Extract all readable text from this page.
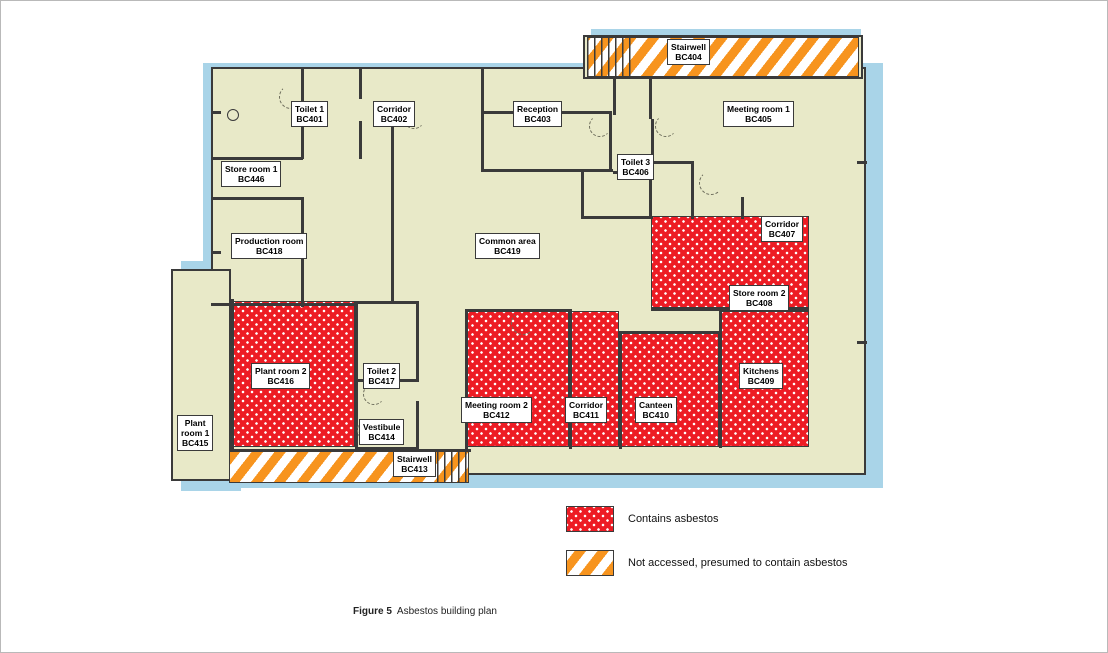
Toilet 1
BC401
Corridor
BC402
Reception
BC403
Stairwell
BC404
Meeting room 1
BC405
Toilet 3
BC406
Corridor
BC407
Store room 2
BC408
Kitchens
BC409
Canteen
BC410
Corridor
BC411
Meeting room 2
BC412
Stairwell
BC413
Vestibule
BC414
Plant
room 1
BC415
Plant room 2
BC416
Toilet 2
BC417
Production room
BC418
Common area
BC419
Store room 1
BC446
Contains asbestos
Not accessed, presumed to contain asbestos
Figure 5 Asbestos building plan
